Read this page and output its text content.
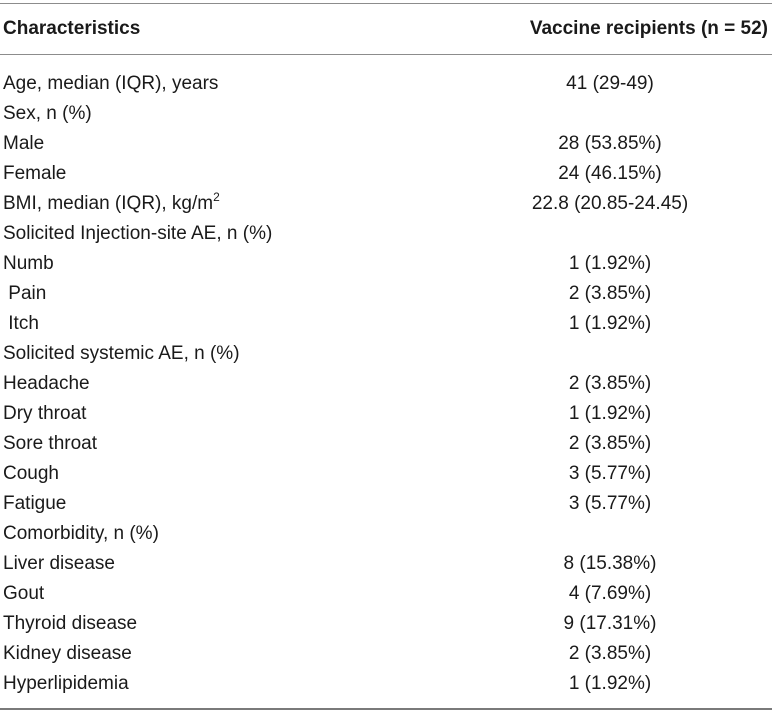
Characteristics	Vaccine recipients (n = 52)
Age, median (IQR), years	41 (29-49)
Sex, n (%)
Male	28 (53.85%)
Female	24 (46.15%)
BMI, median (IQR), $kg/m^2$	22.8 (20.85-24.45)
Solicited Injection-site AE, n (%)
Numb	1 (1.92%)
Pain	2 (3.85%)
Itch	1 (1.92%)
Solicited systemic AE, n (%)
Headache	2 (3.85%)
Dry throat	1 (1.92%)
Sore throat	2 (3.85%)
Cough	3 (5.77%)
Fatigue	3 (5.77%)
Comorbidity, n (%)
Liver disease	8 (15.38%)
Gout	4 (7.69%)
Thyroid disease	9 (17.31%)
Kidney disease	2 (3.85%)
Hyperlipidemia	1 (1.92%)
